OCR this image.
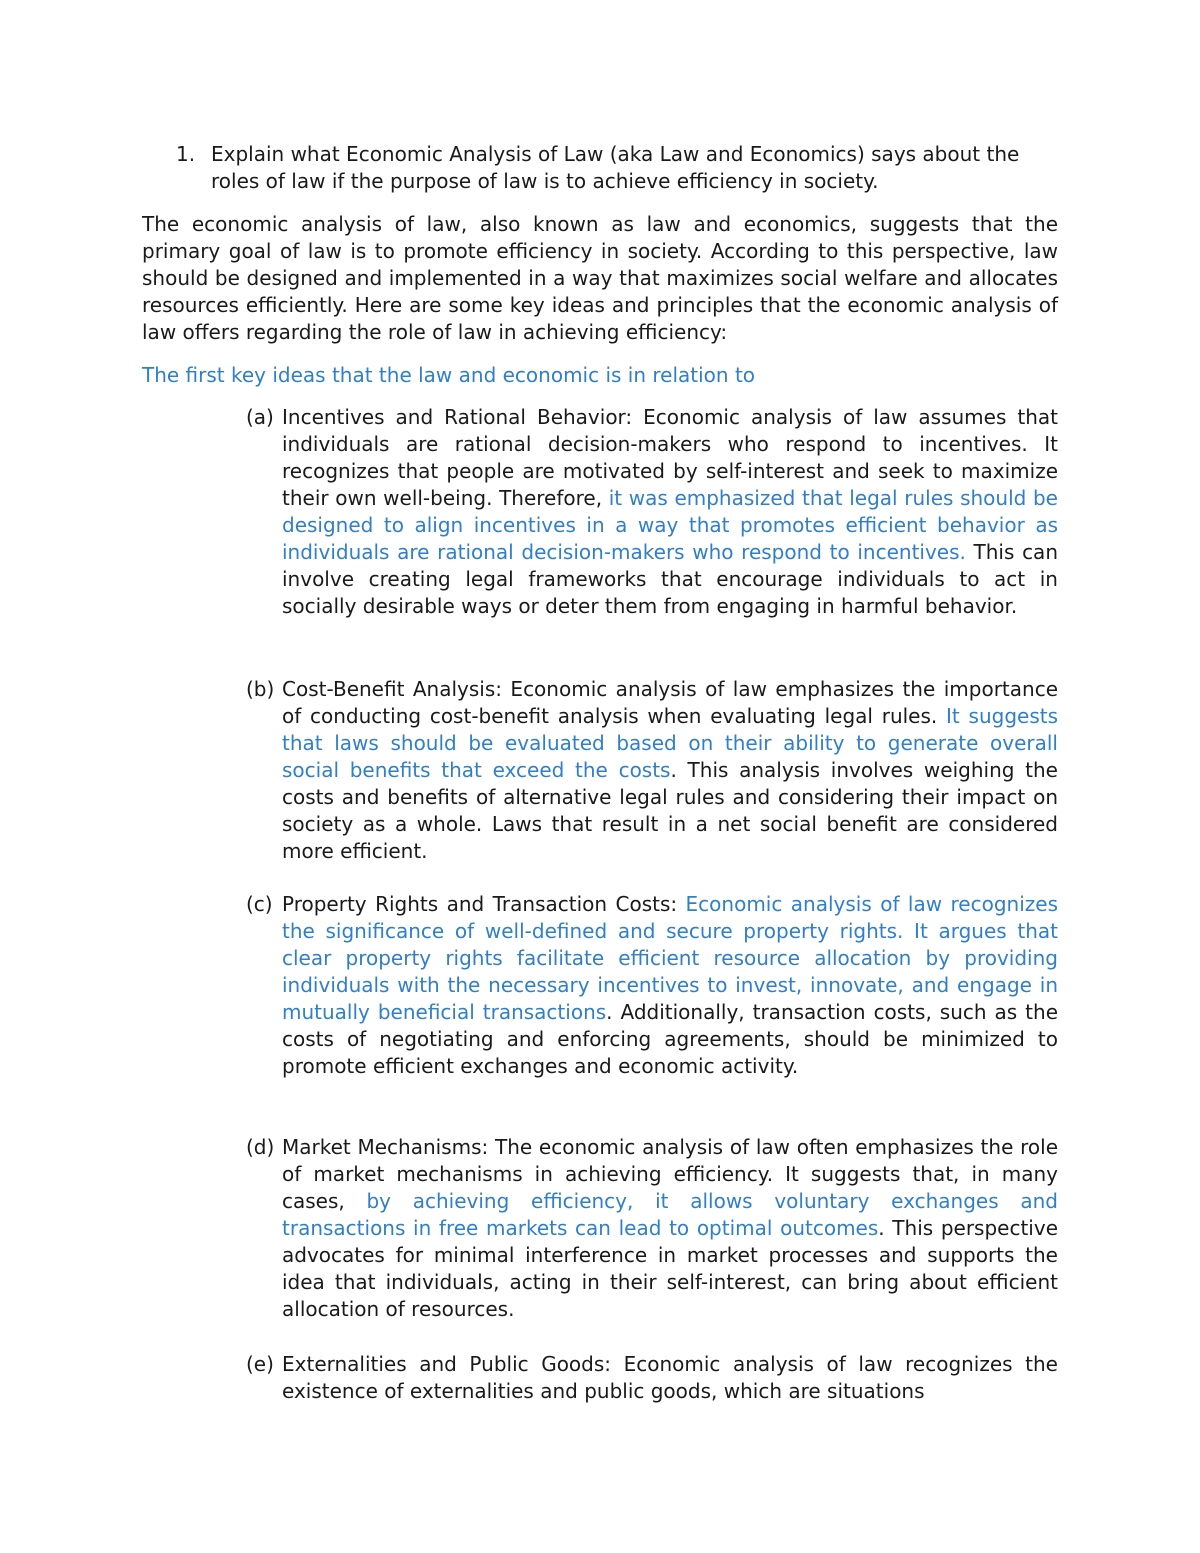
1. Explain what Economic Analysis of Law (aka Law and Economics) says about the roles of law if the purpose of law is to achieve efficiency in society.

The economic analysis of law, also known as law and economics, suggests that the primary goal of law is to promote efficiency in society. According to this perspective, law should be designed and implemented in a way that maximizes social welfare and allocates resources efficiently. Here are some key ideas and principles that the economic analysis of law offers regarding the role of law in achieving efficiency:

The first key ideas that the law and economic is in relation to

(a) Incentives and Rational Behavior: Economic analysis of law assumes that individuals are rational decision-makers who respond to incentives. It recognizes that people are motivated by self-interest and seek to maximize their own well-being. Therefore, it was emphasized that legal rules should be designed to align incentives in a way that promotes efficient behavior as individuals are rational decision-makers who respond to incentives. This can involve creating legal frameworks that encourage individuals to act in socially desirable ways or deter them from engaging in harmful behavior.
(b) Cost-Benefit Analysis: Economic analysis of law emphasizes the importance of conducting cost-benefit analysis when evaluating legal rules. It suggests that laws should be evaluated based on their ability to generate overall social benefits that exceed the costs. This analysis involves weighing the costs and benefits of alternative legal rules and considering their impact on society as a whole. Laws that result in a net social benefit are considered more efficient.
(c) Property Rights and Transaction Costs: Economic analysis of law recognizes the significance of well-defined and secure property rights. It argues that clear property rights facilitate efficient resource allocation by providing individuals with the necessary incentives to invest, innovate, and engage in mutually beneficial transactions. Additionally, transaction costs, such as the costs of negotiating and enforcing agreements, should be minimized to promote efficient exchanges and economic activity.
(d) Market Mechanisms: The economic analysis of law often emphasizes the role of market mechanisms in achieving efficiency. It suggests that, in many cases, by achieving efficiency, it allows voluntary exchanges and transactions in free markets can lead to optimal outcomes. This perspective advocates for minimal interference in market processes and supports the idea that individuals, acting in their self-interest, can bring about efficient allocation of resources.
(e) Externalities and Public Goods: Economic analysis of law recognizes the existence of externalities and public goods, which are situations
